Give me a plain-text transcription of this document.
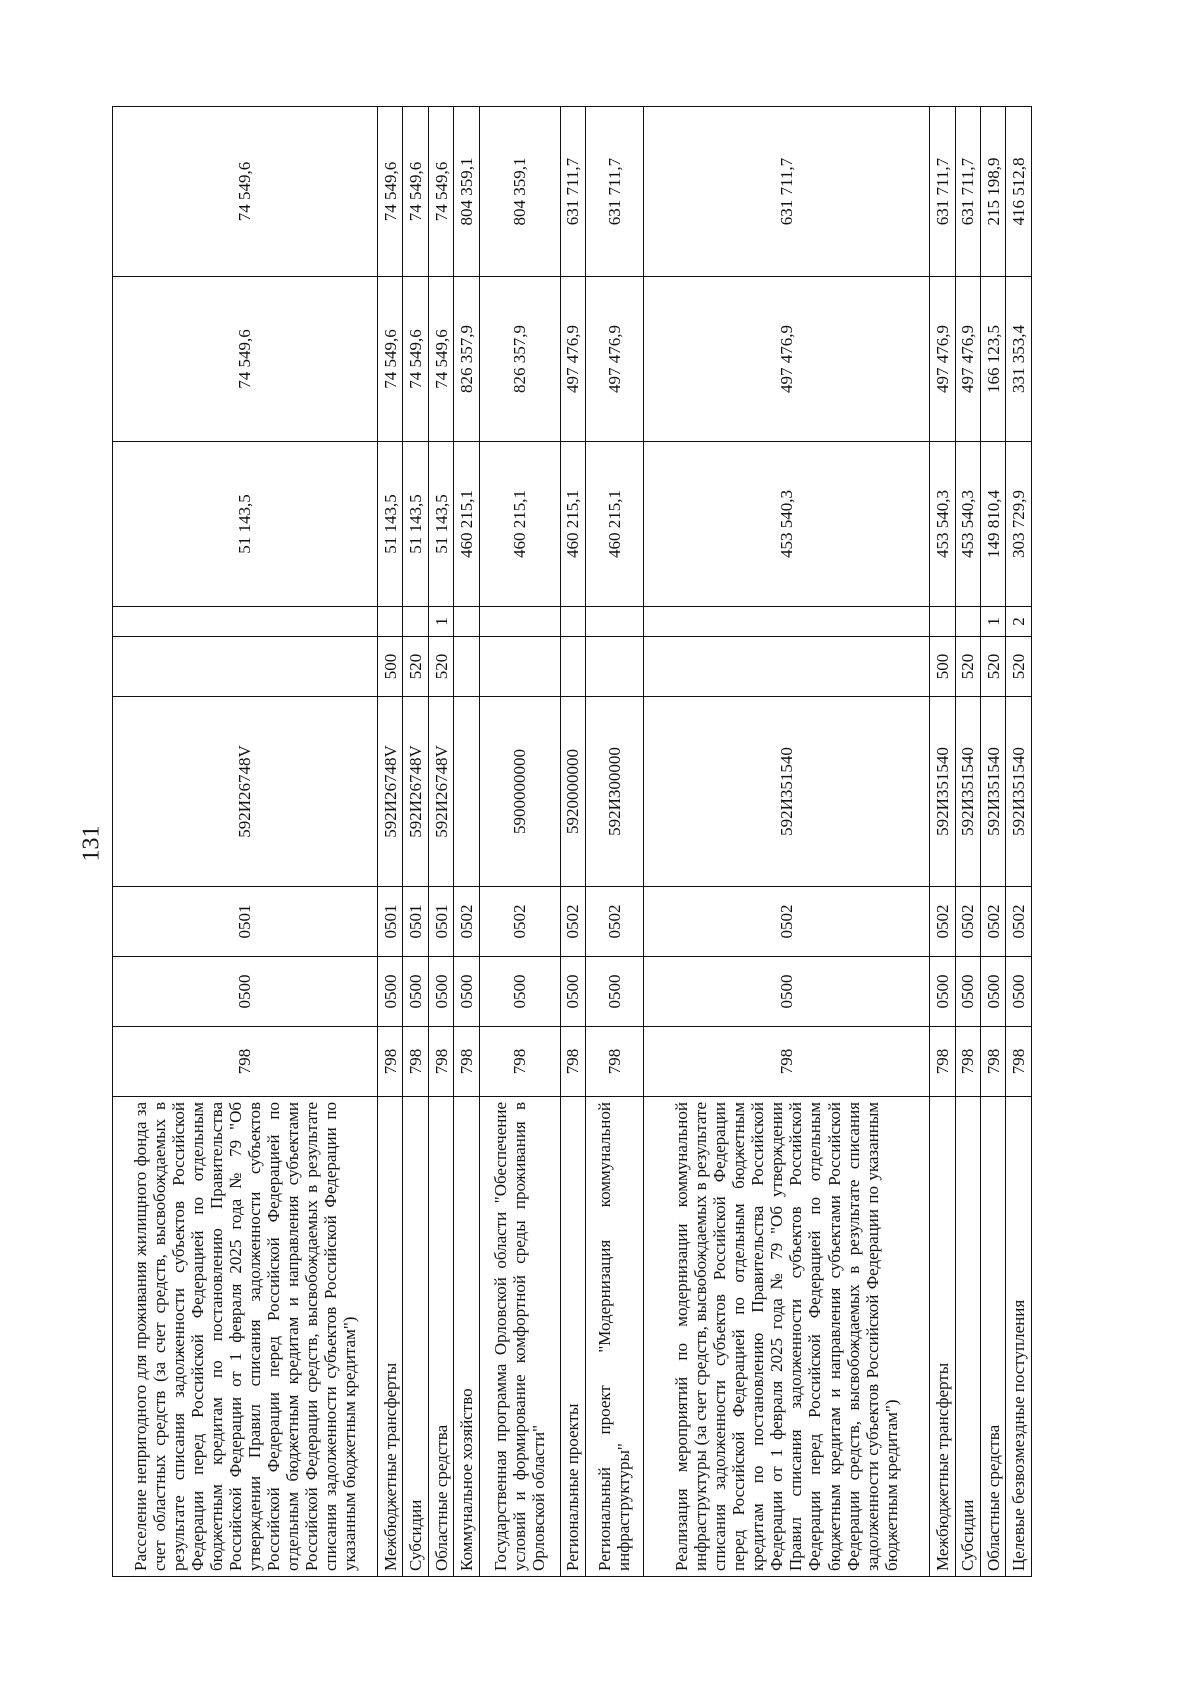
131
Расселение непригодного для проживания жилищного фонда за счет областных средств (за счет средств, высвобождаемых в результате списания задолженности субъектов Российской Федерации перед Российской Федерацией по отдельным бюджетным кредитам по постановлению Правительства Российской Федерации от 1 февраля 2025 года № 79 "Об утверждении Правил списания задолженности субъектов Российской Федерации перед Российской Федерацией по отдельным бюджетным кредитам и направления субъектами Российской Федерации средств, высвобождаемых в результате списания задолженности субъектов Российской Федерации по указанным бюджетным кредитам")	798	0500	0501	592И26748V			51 143,5	74 549,6	74 549,6
Межбюджетные трансферты	798	0500	0501	592И26748V	500		51 143,5	74 549,6	74 549,6
Субсидии	798	0500	0501	592И26748V	520		51 143,5	74 549,6	74 549,6
Областные средства	798	0500	0501	592И26748V	520	1	51 143,5	74 549,6	74 549,6
Коммунальное хозяйство	798	0500	0502				460 215,1	826 357,9	804 359,1
Государственная программа Орловской области "Обеспечение условий и формирование комфортной среды проживания в Орловской области"	798	0500	0502	5900000000			460 215,1	826 357,9	804 359,1
Региональные проекты	798	0500	0502	5920000000			460 215,1	497 476,9	631 711,7
Региональный проект "Модернизация коммунальной инфраструктуры"	798	0500	0502	592И300000			460 215,1	497 476,9	631 711,7
Реализация мероприятий по модернизации коммунальной инфраструктуры (за счет средств, высвобождаемых в результате списания задолженности субъектов Российской Федерации перед Российской Федерацией по отдельным бюджетным кредитам по постановлению Правительства Российской Федерации от 1 февраля 2025 года № 79 "Об утверждении Правил списания задолженности субъектов Российской Федерации перед Российской Федерацией по отдельным бюджетным кредитам и направления субъектами Российской Федерации средств, высвобождаемых в результате списания задолженности субъектов Российской Федерации по указанным бюджетным кредитам")	798	0500	0502	592И351540			453 540,3	497 476,9	631 711,7
Межбюджетные трансферты	798	0500	0502	592И351540	500		453 540,3	497 476,9	631 711,7
Субсидии	798	0500	0502	592И351540	520		453 540,3	497 476,9	631 711,7
Областные средства	798	0500	0502	592И351540	520	1	149 810,4	166 123,5	215 198,9
Целевые безвозмездные поступления	798	0500	0502	592И351540	520	2	303 729,9	331 353,4	416 512,8
